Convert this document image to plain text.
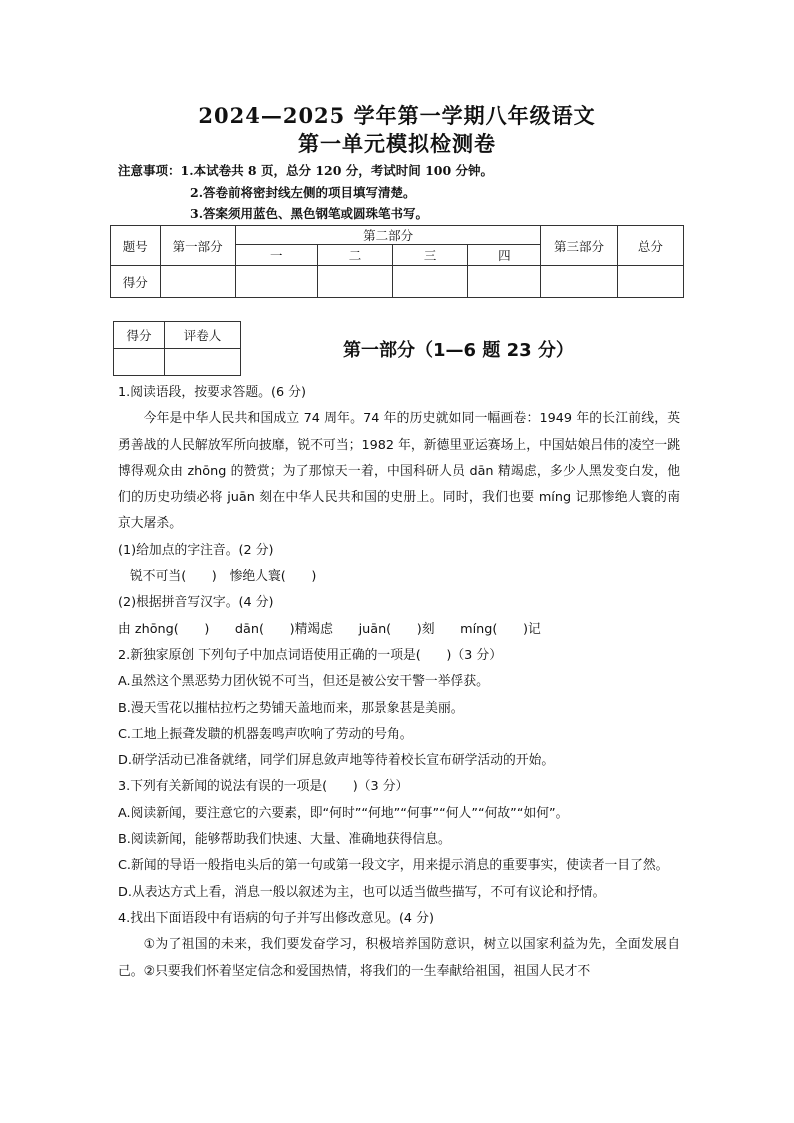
2024—2025 学年第一学期八年级语文
第一单元模拟检测卷
注意事项：1.本试卷共 8 页，总分 120 分，考试时间 100 分钟。
2.答卷前将密封线左侧的项目填写清楚。
3.答案须用蓝色、黑色钢笔或圆珠笔书写。
题号	第一部分	第二部分				第三部分	总分
		一	二	三	四		
得分							
得分	评卷人

第一部分（1—6 题 23 分）

1.阅读语段，按要求答题。(6 分)

今年是中华人民共和国成立 74 周年。74 年的历史就如同一幅画卷：1949 年的长江前线，英勇善战的人民解放军所向披靡，锐不可当；1982 年，新德里亚运赛场上，中国姑娘吕伟的凌空一跳博得观众由 zhōng 的赞赏；为了那惊天一着，中国科研人员 dān 精竭虑，多少人黑发变白发，他们的历史功绩必将 juān 刻在中华人民共和国的史册上。同时，我们也要 míng 记那惨绝人寰的南京大屠杀。

(1)给加点的字注音。(2 分)

锐不可当(　　)　惨绝人寰(　　)

(2)根据拼音写汉字。(4 分)

由 zhōng(　　)　　dān(　　)精竭虑　　juān(　　)刻　　míng(　　)记

2.新独家原创 下列句子中加点词语使用正确的一项是(　　)（3 分）

A.虽然这个黑恶势力团伙锐不可当，但还是被公安干警一举俘获。

B.漫天雪花以摧枯拉朽之势铺天盖地而来，那景象甚是美丽。

C.工地上振聋发聩的机器轰鸣声吹响了劳动的号角。

D.研学活动已准备就绪，同学们屏息敛声地等待着校长宣布研学活动的开始。

3.下列有关新闻的说法有误的一项是(　　)（3 分）

A.阅读新闻，要注意它的六要素，即“何时”“何地”“何事”“何人”“何故”“如何”。

B.阅读新闻，能够帮助我们快速、大量、准确地获得信息。

C.新闻的导语一般指电头后的第一句或第一段文字，用来提示消息的重要事实，使读者一目了然。

D.从表达方式上看，消息一般以叙述为主，也可以适当做些描写，不可有议论和抒情。

4.找出下面语段中有语病的句子并写出修改意见。(4 分)

①为了祖国的未来，我们要发奋学习，积极培养国防意识，树立以国家利益为先，全面发展自己。②只要我们怀着坚定信念和爱国热情，将我们的一生奉献给祖国，祖国人民才不
